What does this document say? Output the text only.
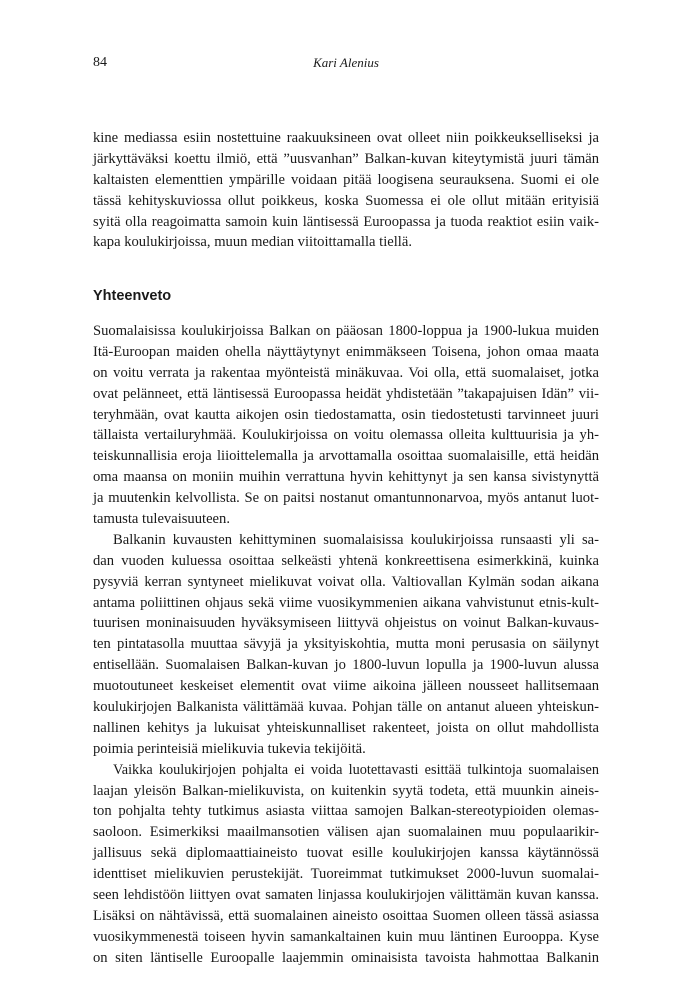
84	Kari Alenius
kine mediassa esiin nostettuine raakuuksineen ovat olleet niin poikkeukselliseksi ja
järkyttäväksi koettu ilmiö, että ”uusvanhan” Balkan-kuvan kiteytymistä juuri tämän
kaltaisten elementtien ympärille voidaan pitää loogisena seurauksena. Suomi ei ole
tässä kehityskuviossa ollut poikkeus, koska Suomessa ei ole ollut mitään erityisiä
syitä olla reagoimatta samoin kuin läntisessä Euroopassa ja tuoda reaktiot esiin vaik-
kapa koulukirjoissa, muun median viitoittamalla tiellä.
Yhteenveto
Suomalaisissa koulukirjoissa Balkan on pääosan 1800-loppua ja 1900-lukua muiden
Itä-Euroopan maiden ohella näyttäytynyt enimmäkseen Toisena, johon omaa maata
on voitu verrata ja rakentaa myönteistä minäkuvaa. Voi olla, että suomalaiset, jotka
ovat pelänneet, että läntisessä Euroopassa heidät yhdistetään ”takapajuisen Idän” vii-
teryhmään, ovat kautta aikojen osin tiedostamatta, osin tiedostetusti tarvinneet juuri
tällaista vertailuryhmää. Koulukirjoissa on voitu olemassa olleita kulttuurisia ja yh-
teiskunnallisia eroja liioittelemalla ja arvottamalla osoittaa suomalaisille, että heidän
oma maansa on moniin muihin verrattuna hyvin kehittynyt ja sen kansa sivistynyttä
ja muutenkin kelvollista. Se on paitsi nostanut omantunnonarvoa, myös antanut luot-
tamusta tulevaisuuteen.
Balkanin kuvausten kehittyminen suomalaisissa koulukirjoissa runsaasti yli sa-
dan vuoden kuluessa osoittaa selkeästi yhtenä konkreettisena esimerkkinä, kuinka
pysyviä kerran syntyneet mielikuvat voivat olla. Valtiovallan Kylmän sodan aikana
antama poliittinen ohjaus sekä viime vuosikymmenien aikana vahvistunut etnis-kult-
tuurisen moninaisuuden hyväksymiseen liittyvä ohjeistus on voinut Balkan-kuvaus-
ten pintatasolla muuttaa sävyjä ja yksityiskohtia, mutta moni perusasia on säilynyt
entisellään. Suomalaisen Balkan-kuvan jo 1800-luvun lopulla ja 1900-luvun alussa
muotoutuneet keskeiset elementit ovat viime aikoina jälleen nousseet hallitsemaan
koulukirjojen Balkanista välittämää kuvaa. Pohjan tälle on antanut alueen yhteiskun-
nallinen kehitys ja lukuisat yhteiskunnalliset rakenteet, joista on ollut mahdollista
poimia perinteisiä mielikuvia tukevia tekijöitä.
Vaikka koulukirjojen pohjalta ei voida luotettavasti esittää tulkintoja suomalaisen
laajan yleisön Balkan-mielikuvista, on kuitenkin syytä todeta, että muunkin aineis-
ton pohjalta tehty tutkimus asiasta viittaa samojen Balkan-stereotypioiden olemas-
saoloon. Esimerkiksi maailmansotien välisen ajan suomalainen muu populaarikir-
jallisuus sekä diplomaattiaineisto tuovat esille koulukirjojen kanssa käytännössä
identtiset mielikuvien perustekijät. Tuoreimmat tutkimukset 2000-luvun suomalai-
seen lehdistöön liittyen ovat samaten linjassa koulukirjojen välittämän kuvan kanssa.
Lisäksi on nähtävissä, että suomalainen aineisto osoittaa Suomen olleen tässä asiassa
vuosikymmenestä toiseen hyvin samankaltainen kuin muu läntinen Eurooppa. Kyse
on siten läntiselle Euroopalle laajemmin ominaisista tavoista hahmottaa Balkanin
